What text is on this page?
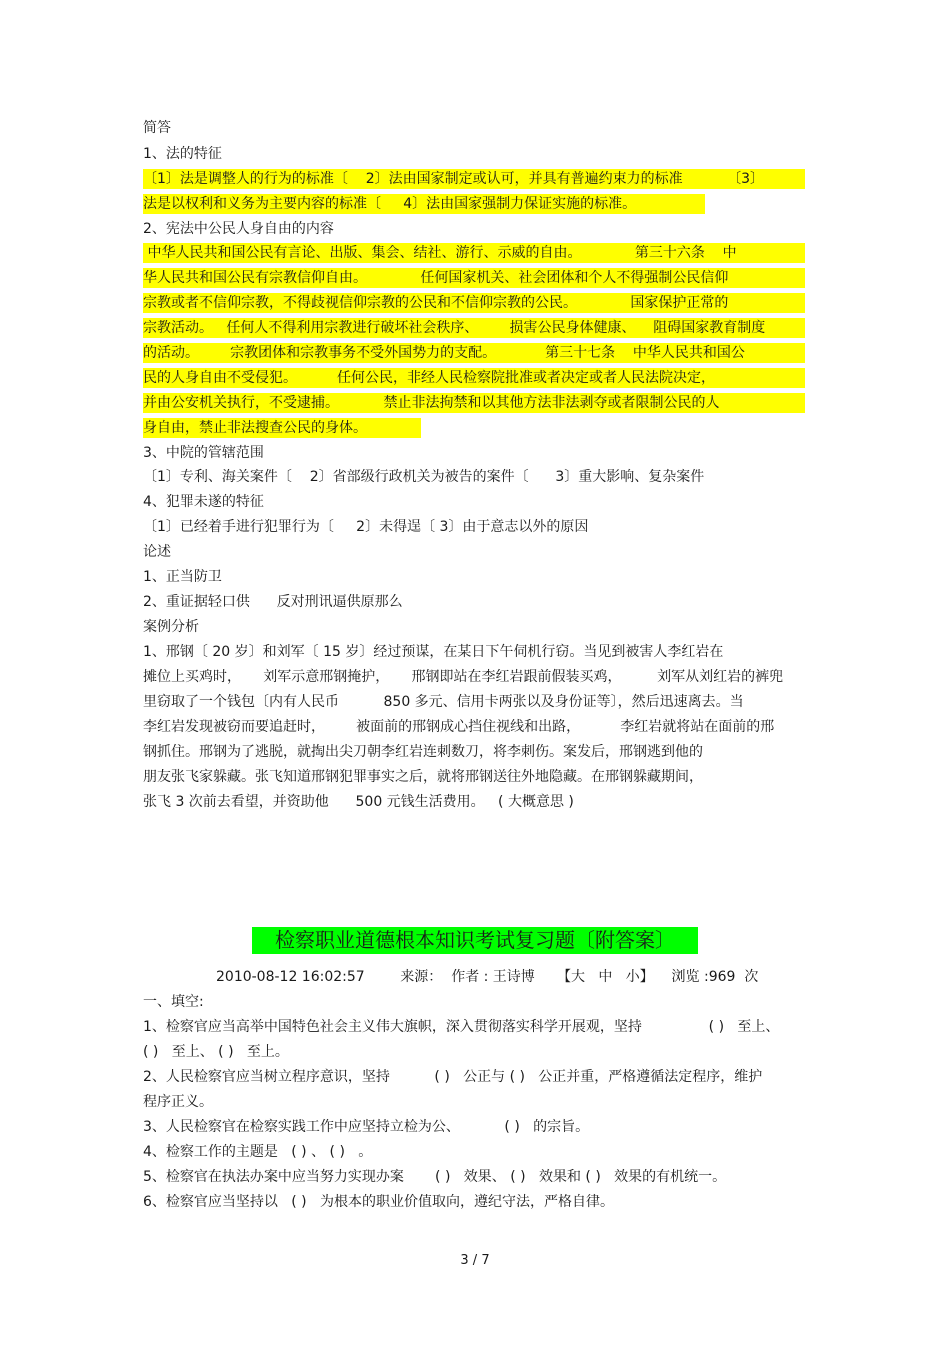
简答

1、法的特征

〔1〕法是调整人的行为的标准〔    2〕法由国家制定或认可，并具有普遍约束力的标准          〔3〕

法是以权利和义务为主要内容的标准〔     4〕法由国家强制力保证实施的标准。

2、宪法中公民人身自由的内容

中华人民共和国公民有言论、出版、集会、结社、游行、示威的自由。            第三十六条    中

华人民共和国公民有宗教信仰自由。            任何国家机关、社会团体和个人不得强制公民信仰

宗教或者不信仰宗教，不得歧视信仰宗教的公民和不信仰宗教的公民。            国家保护正常的

宗教活动。   任何人不得利用宗教进行破坏社会秩序、       损害公民身体健康、    阻碍国家教育制度

的活动。       宗教团体和宗教事务不受外国势力的支配。           第三十七条    中华人民共和国公

民的人身自由不受侵犯。         任何公民，非经人民检察院批准或者决定或者人民法院决定，

并由公安机关执行，不受逮捕。          禁止非法拘禁和以其他方法非法剥夺或者限制公民的人

身自由，禁止非法搜查公民的身体。

3、中院的管辖范围

〔1〕专利、海关案件〔    2〕省部级行政机关为被告的案件〔      3〕重大影响、复杂案件

4、犯罪未遂的特征

〔1〕已经着手进行犯罪行为〔     2〕未得逞〔 3〕由于意志以外的原因

论述

1、正当防卫

2、重证据轻口供      反对刑讯逼供原那么

案例分析

1、邢钢〔 20 岁〕和刘军〔 15 岁〕经过预谋，在某日下午伺机行窃。当见到被害人李红岩在

摊位上买鸡时，     刘军示意邢钢掩护，     邢钢即站在李红岩跟前假装买鸡，        刘军从刘红岩的裤兜

里窃取了一个钱包〔内有人民币          850 多元、信用卡两张以及身份证等〕，然后迅速离去。当

李红岩发现被窃而要追赶时，       被面前的邢钢成心挡住视线和出路，         李红岩就将站在面前的邢

钢抓住。邢钢为了逃脱，就掏出尖刀朝李红岩连刺数刀，将李刺伤。案发后，邢钢逃到他的

朋友张飞家躲藏。张飞知道邢钢犯罪事实之后，就将邢钢送往外地隐藏。在邢钢躲藏期间，

张飞 3 次前去看望，并资助他      500 元钱生活费用。   ( 大概意思 )

检察职业道德根本知识考试复习题〔附答案〕

2010-08-12 16:02:57        来源：  作者 : 王诗博     【大   中   小】    浏览 :969  次

一、填空:

1、检察官应当高举中国特色社会主义伟大旗帜，深入贯彻落实科学开展观，坚持               ( )   至上、

( )   至上、 ( )   至上。

2、人民检察官应当树立程序意识，坚持          ( )   公正与 ( )   公正并重，严格遵循法定程序，维护

程序正义。

3、人民检察官在检察实践工作中应坚持立检为公、          ( )   的宗旨。

4、检察工作的主题是   ( ) 、 ( )   。

5、检察官在执法办案中应当努力实现办案       ( )   效果、 ( )   效果和 ( )   效果的有机统一。

6、检察官应当坚持以   ( )   为根本的职业价值取向，遵纪守法，严格自律。

3 / 7
